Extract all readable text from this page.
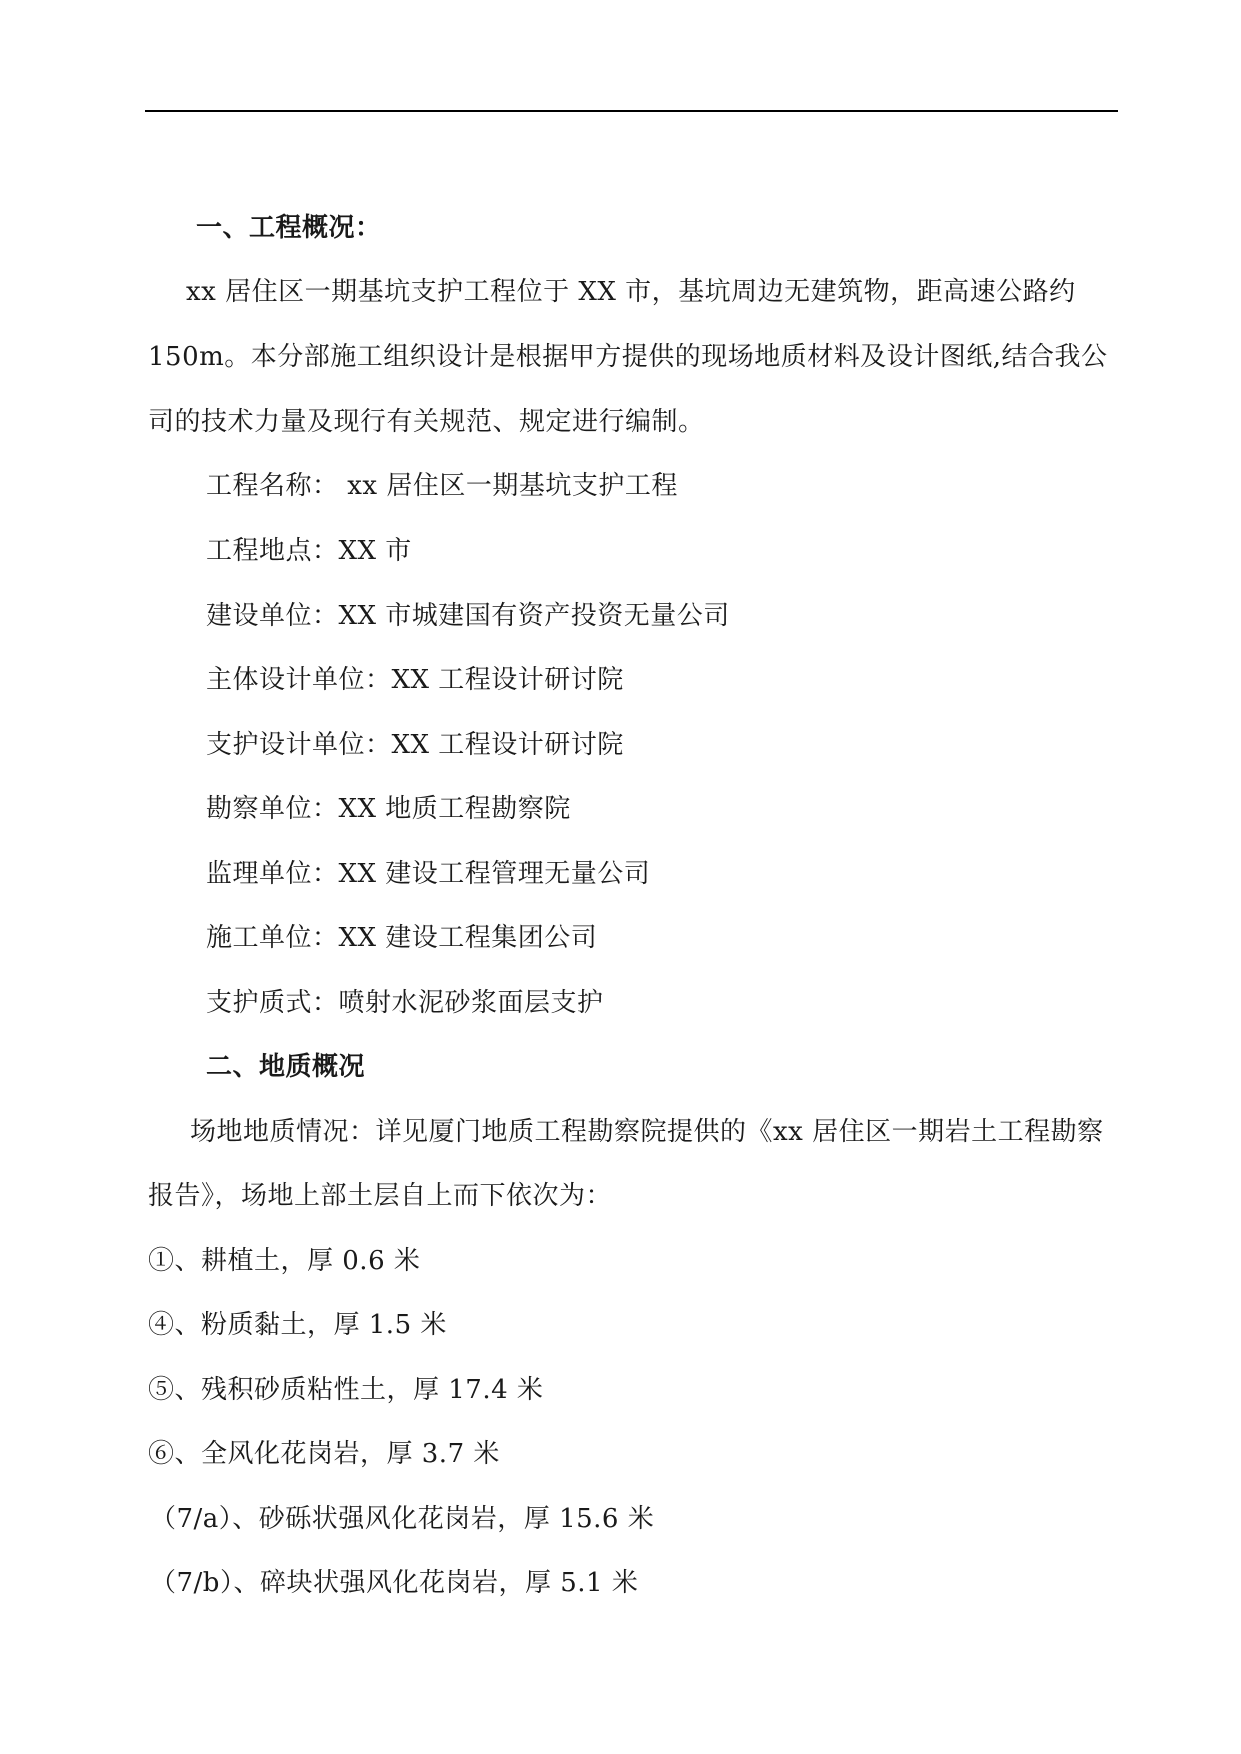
一、工程概况：
xx 居住区一期基坑支护工程位于 XX 市，基坑周边无建筑物，距高速公路约
150m。本分部施工组织设计是根据甲方提供的现场地质材料及设计图纸,结合我公
司的技术力量及现行有关规范、规定进行编制。
工程名称： xx 居住区一期基坑支护工程
工程地点：XX 市
建设单位：XX 市城建国有资产投资无量公司
主体设计单位：XX 工程设计研讨院
支护设计单位：XX 工程设计研讨院
勘察单位：XX 地质工程勘察院
监理单位：XX 建设工程管理无量公司
施工单位：XX 建设工程集团公司
支护质式：喷射水泥砂浆面层支护
二、地质概况
场地地质情况：详见厦门地质工程勘察院提供的《xx 居住区一期岩土工程勘察
报告》，场地上部土层自上而下依次为：
①、耕植土，厚 0.6 米
④、粉质黏土，厚 1.5 米
⑤、残积砂质粘性土，厚 17.4 米
⑥、全风化花岗岩，厚 3.7 米
（7/a）、砂砾状强风化花岗岩，厚 15.6 米
（7/b）、碎块状强风化花岗岩，厚 5.1 米
